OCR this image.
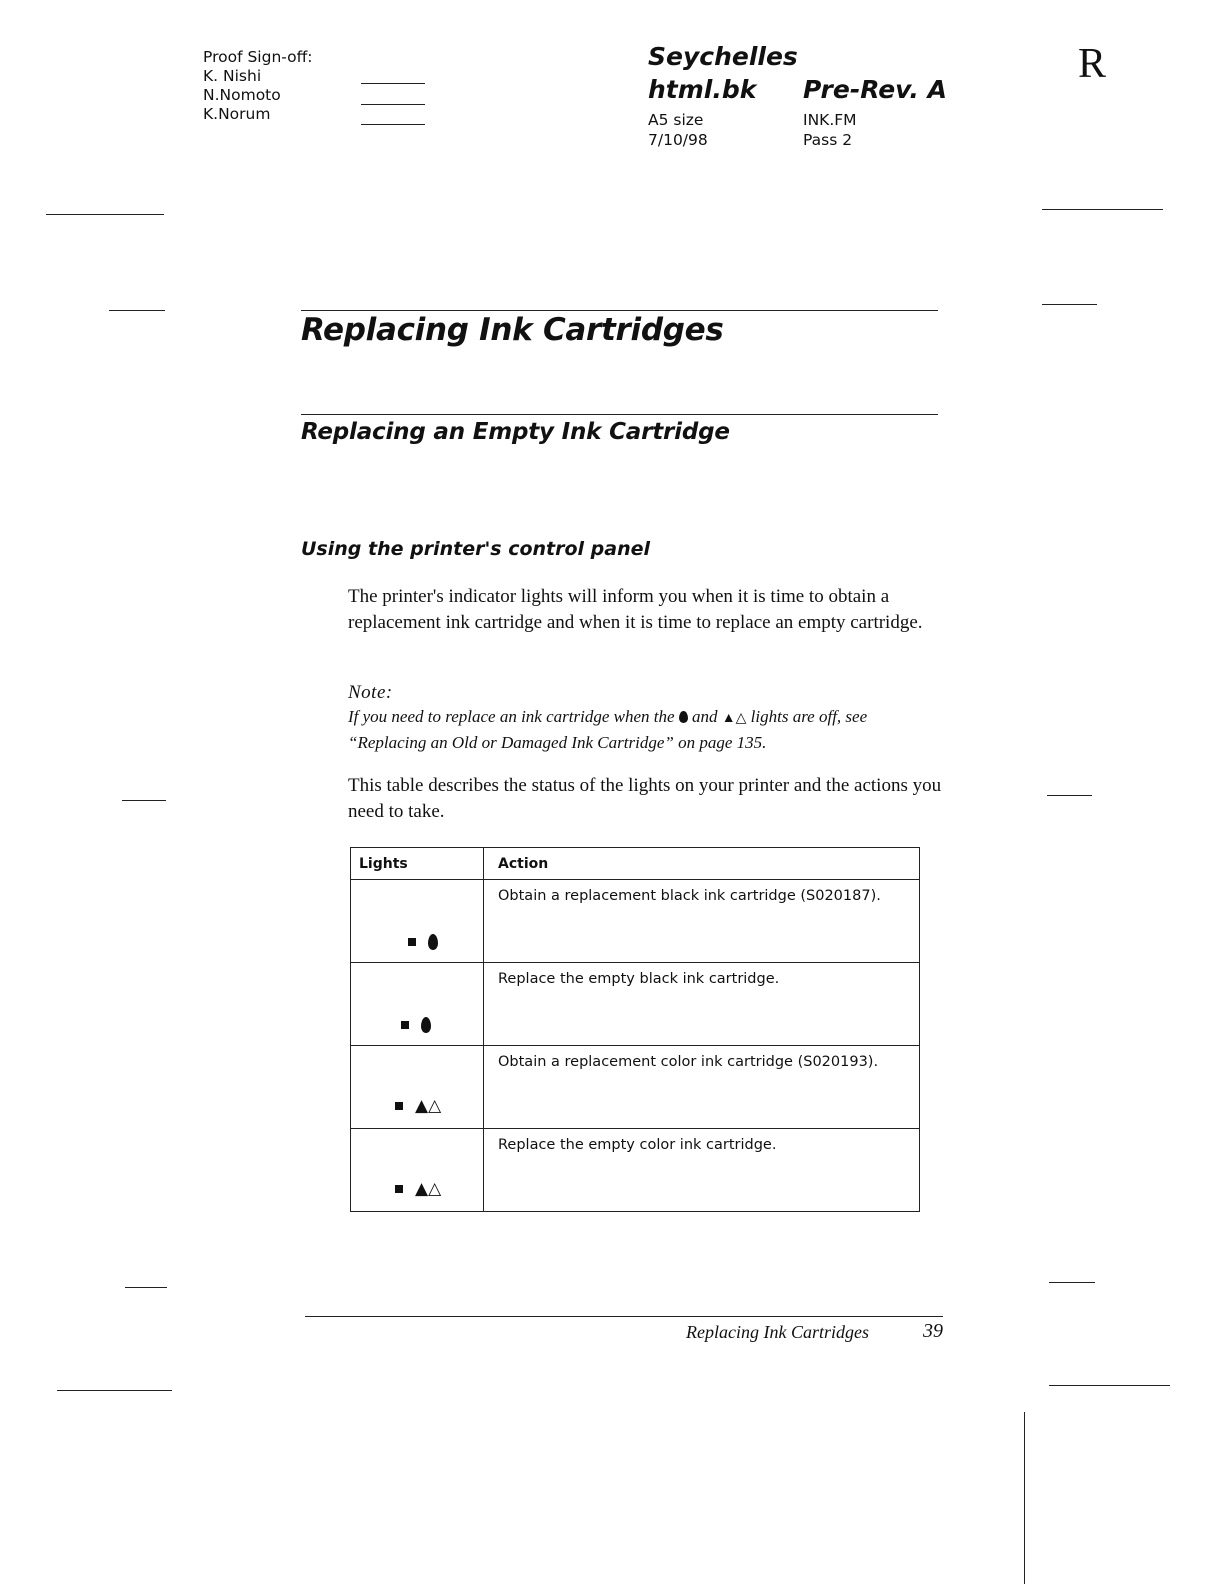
Proof Sign-off:
K. Nishi
N.Nomoto
K.Norum
Seychelles
html.bk	Pre-Rev. A
A5 size
7/10/98
INK.FM
Pass 2
R
Replacing Ink Cartridges
Replacing an Empty Ink Cartridge
Using the printer's control panel
The printer's indicator lights will inform you when it is time to obtain a replacement ink cartridge and when it is time to replace an empty cartridge.
Note:
If you need to replace an ink cartridge when the and ▲△ lights are off, see “Replacing an Old or Damaged Ink Cartridge” on page 135.
This table describes the status of the lights on your printer and the actions you need to take.
Lights	Action

	Obtain a replacement black ink cartridge (S020187).

	Replace the empty black ink cartridge.

▲△	Obtain a replacement color ink cartridge (S020193).

▲△	Replace the empty color ink cartridge.
Replacing Ink Cartridges	39
